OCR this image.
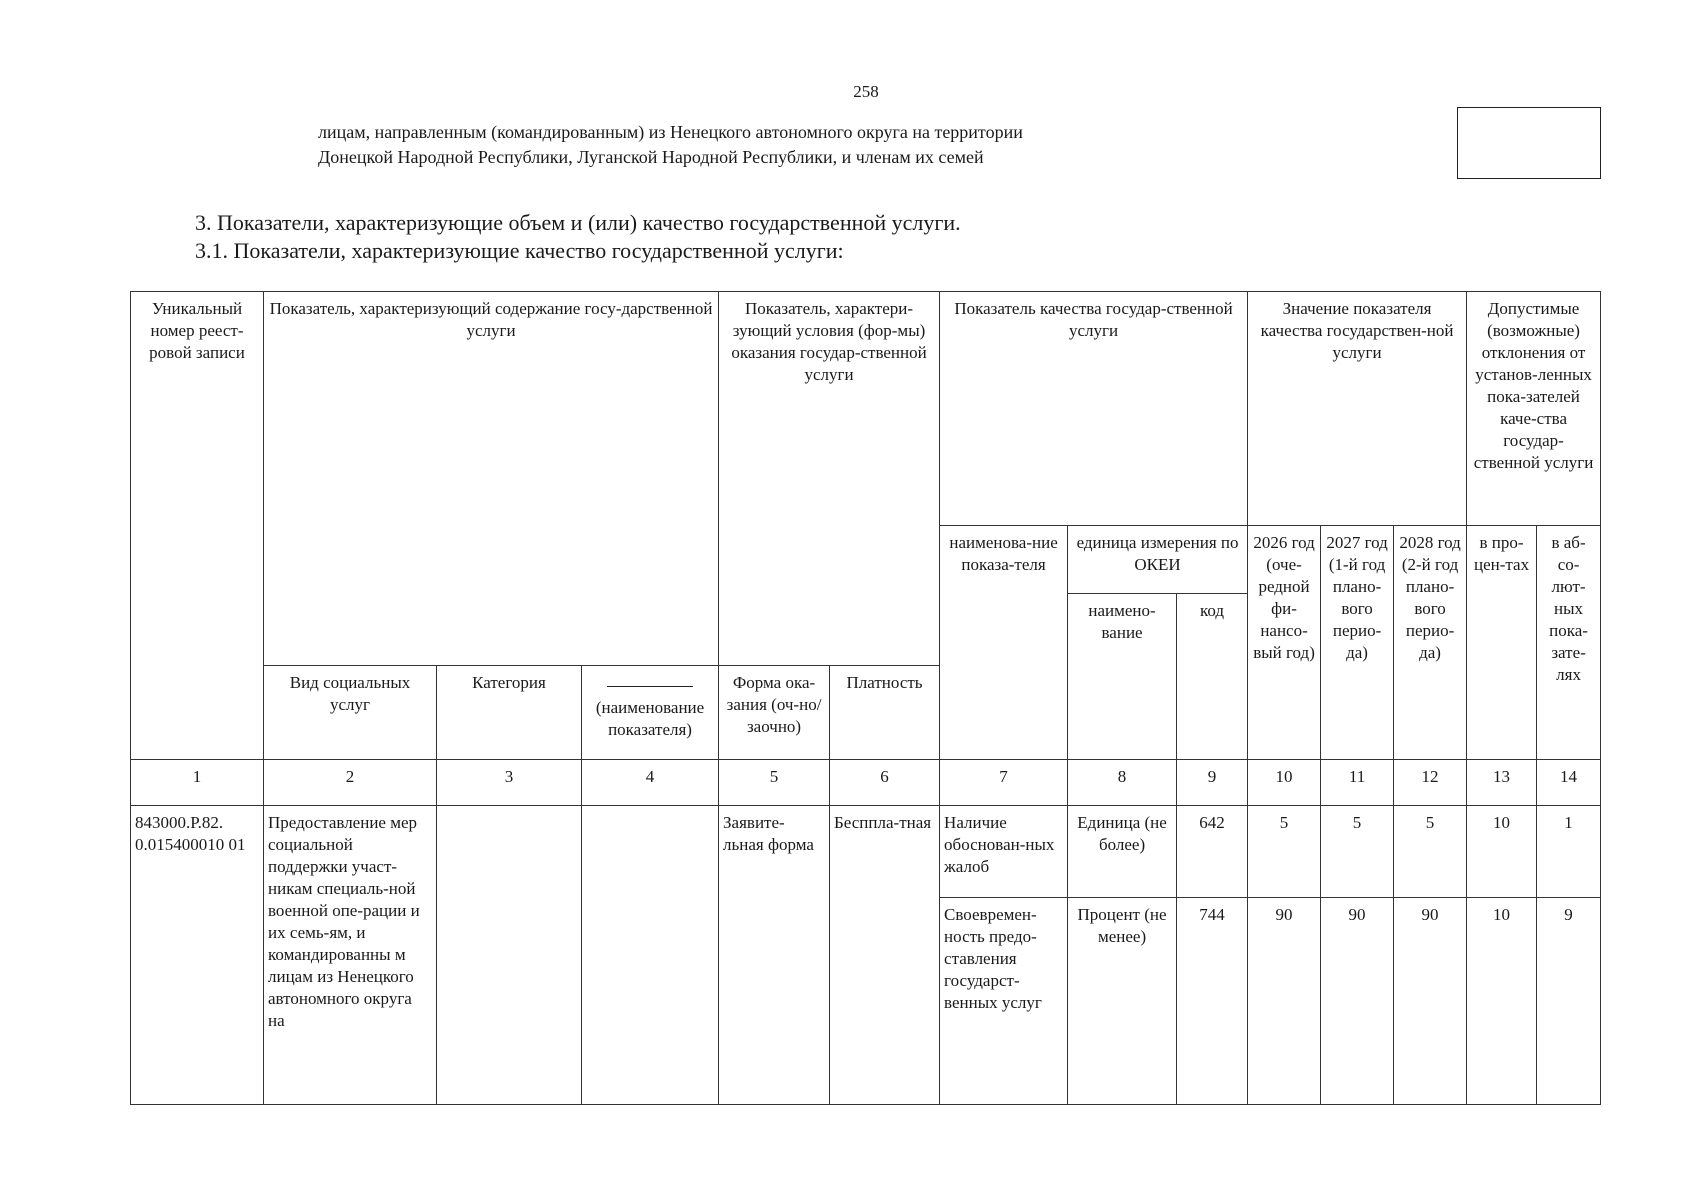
258
лицам, направленным (командированным) из Ненецкого автономного округа на территории
Донецкой Народной Республики, Луганской Народной Республики, и членам их семей
3. Показатели, характеризующие объем и (или) качество государственной услуги.
3.1. Показатели, характеризующие качество государственной услуги:
Уникальный номер реест-ровой записи	Показатель, характеризующий содержание госу-дарственной услуги			Показатель, характери-зующий условия (фор-мы) оказания государ-ственной услуги		Показатель качества государ-ственной услуги			Значение показателя качества государствен-ной услуги			Допустимые (возможные) отклонения от установ-ленных пока-зателей каче-ства государ-ственной услуги	
						наименова-ние показа-теля	единица измерения по ОКЕИ		2026 год (оче-редной фи-нансо-вый год)	2027 год (1-й год плано-вого перио-да)	2028 год (2-й год плано-вого перио-да)	в про-цен-тах	в аб-со-лют-ных пока-зате-лях
							наимено-вание	код					

	Вид социальных услуг	Категория	(наименование показателя)	Форма ока-зания (оч-но/заочно)	Платность								
1	2	3	4	5	6	7	8	9	10	11	12	13	14
843000.Р.82. 0.015400010 01	Предоставление мер социальной поддержки участ-никам специаль-ной военной опе-рации и их семь-ям, и командированны м лицам из Ненецкого автономного округа на			Заявите-льная форма	Бесппла-тная	Наличие обоснован-ных жалоб	Единица (не более)	642	5	5	5	10	1
						Своевремен-ность предо-ставления государст-венных услуг	Процент (не менее)	744	90	90	90	10	9
